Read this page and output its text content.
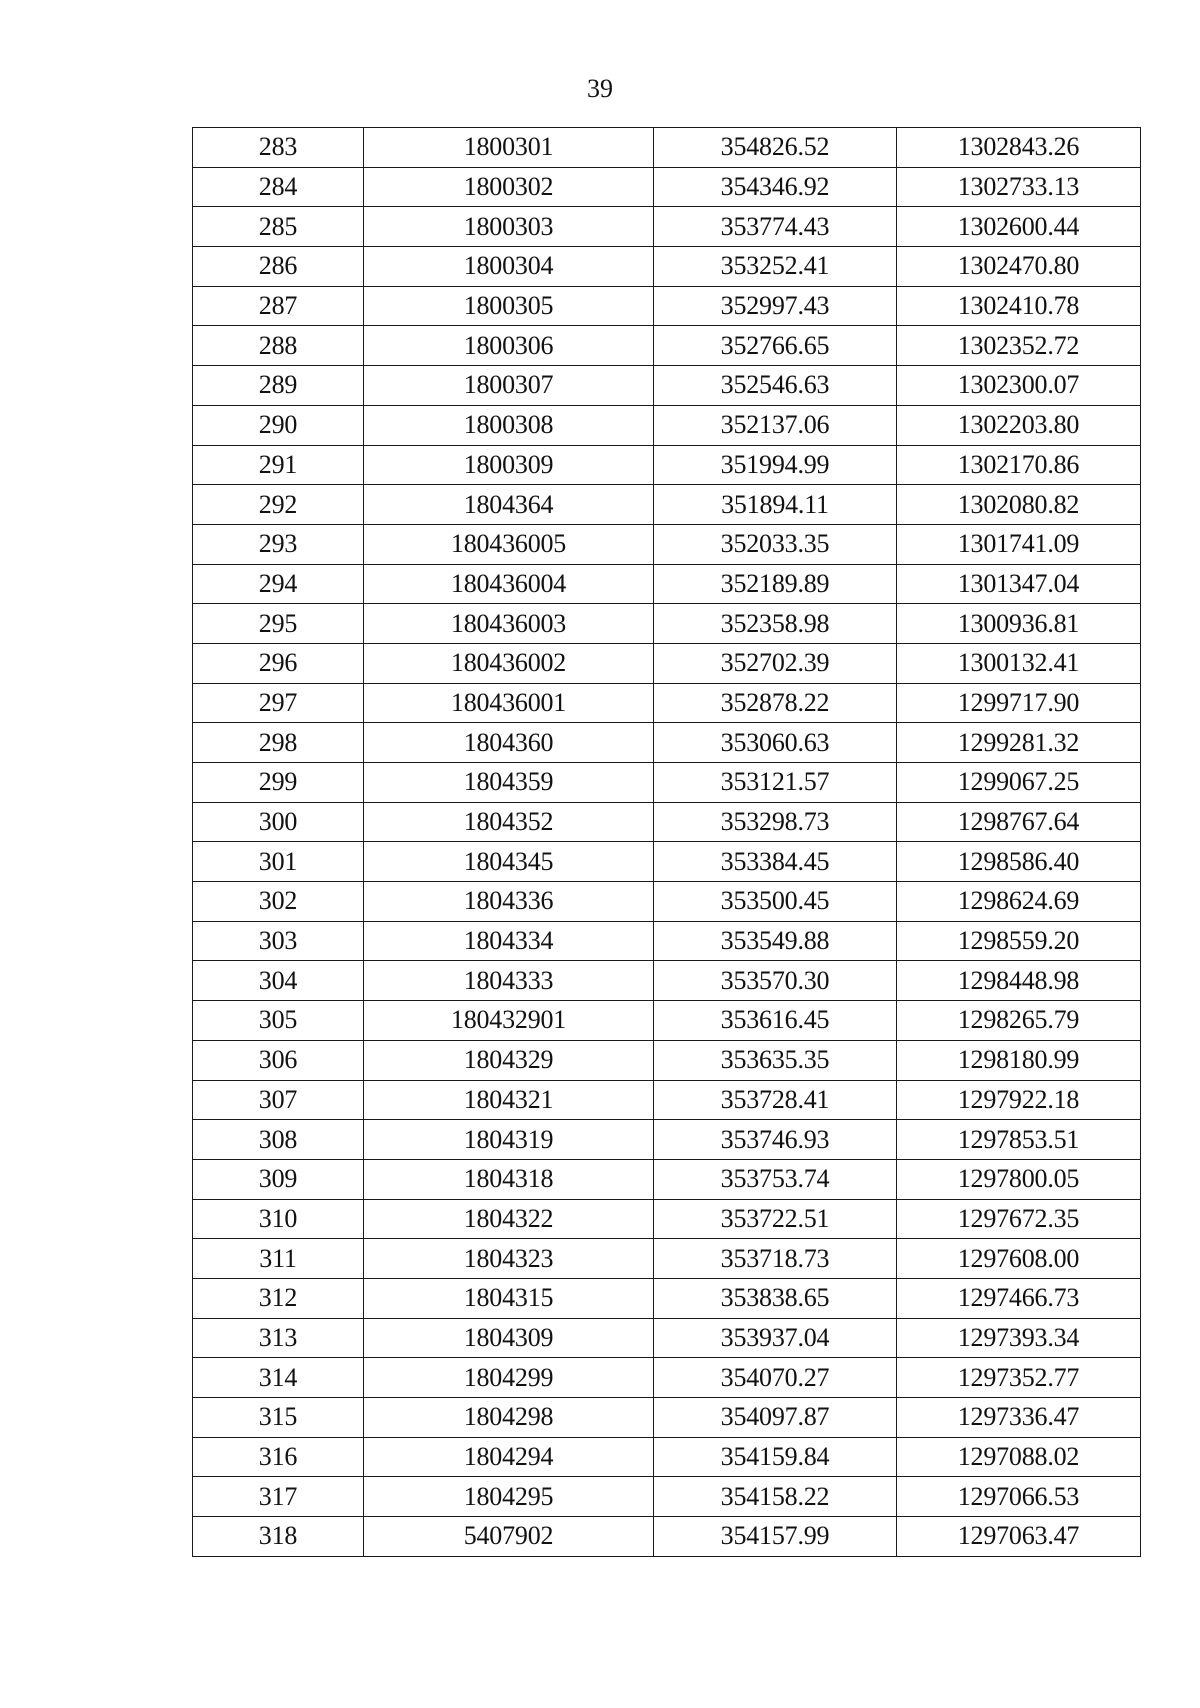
39
283	1800301	354826.52	1302843.26
284	1800302	354346.92	1302733.13
285	1800303	353774.43	1302600.44
286	1800304	353252.41	1302470.80
287	1800305	352997.43	1302410.78
288	1800306	352766.65	1302352.72
289	1800307	352546.63	1302300.07
290	1800308	352137.06	1302203.80
291	1800309	351994.99	1302170.86
292	1804364	351894.11	1302080.82
293	180436005	352033.35	1301741.09
294	180436004	352189.89	1301347.04
295	180436003	352358.98	1300936.81
296	180436002	352702.39	1300132.41
297	180436001	352878.22	1299717.90
298	1804360	353060.63	1299281.32
299	1804359	353121.57	1299067.25
300	1804352	353298.73	1298767.64
301	1804345	353384.45	1298586.40
302	1804336	353500.45	1298624.69
303	1804334	353549.88	1298559.20
304	1804333	353570.30	1298448.98
305	180432901	353616.45	1298265.79
306	1804329	353635.35	1298180.99
307	1804321	353728.41	1297922.18
308	1804319	353746.93	1297853.51
309	1804318	353753.74	1297800.05
310	1804322	353722.51	1297672.35
311	1804323	353718.73	1297608.00
312	1804315	353838.65	1297466.73
313	1804309	353937.04	1297393.34
314	1804299	354070.27	1297352.77
315	1804298	354097.87	1297336.47
316	1804294	354159.84	1297088.02
317	1804295	354158.22	1297066.53
318	5407902	354157.99	1297063.47
